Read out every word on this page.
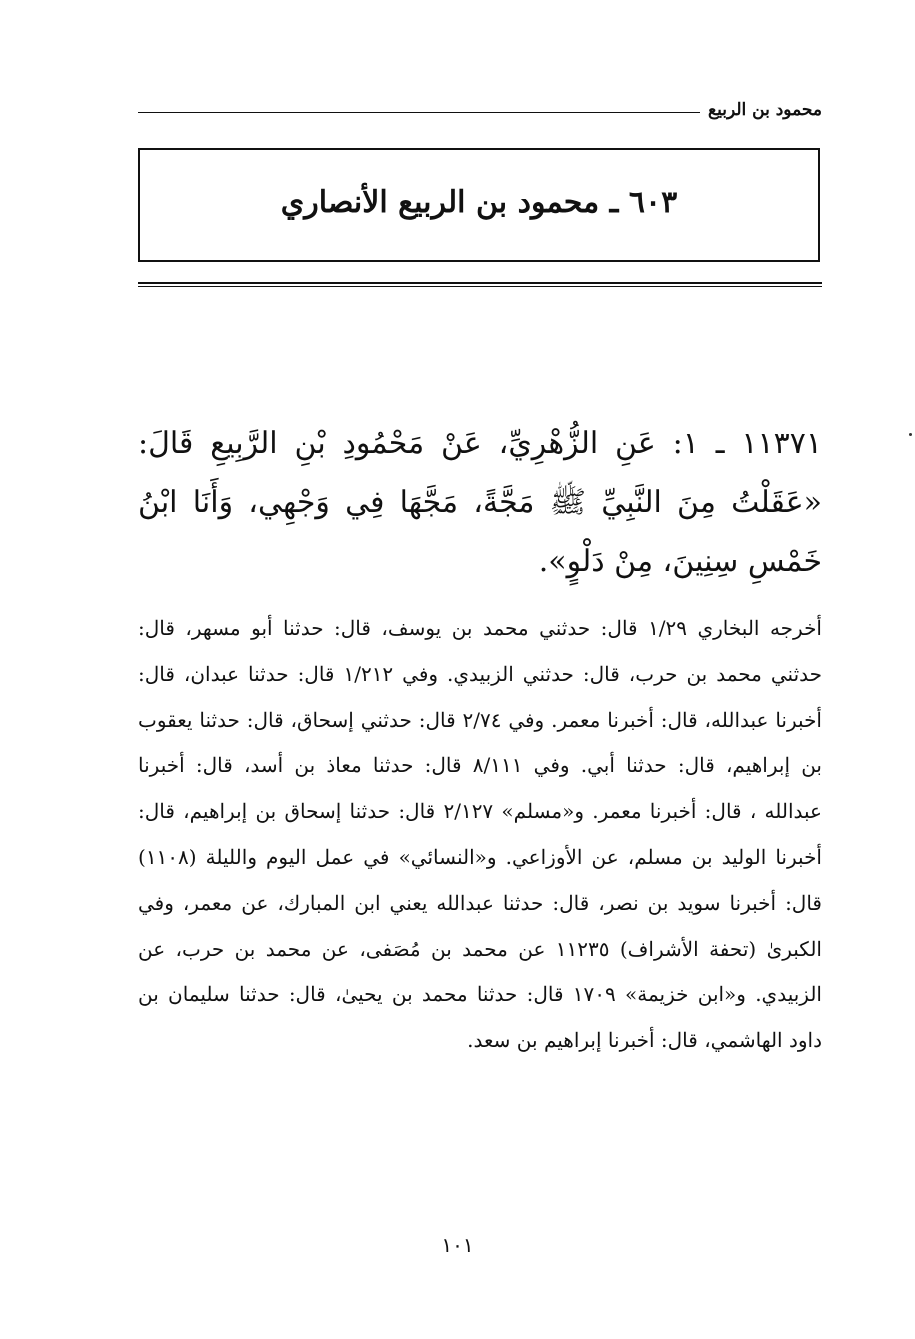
محمود بن الربيع
٦٠٣ ـ محمود بن الربيع الأنصاري
١١٣٧١ ـ ١: عَنِ الزُّهْرِيِّ، عَنْ مَحْمُودِ بْنِ الرَّبِيعِ قَالَ: «عَقَلْتُ مِنَ النَّبِيِّ ﷺ مَجَّةً، مَجَّهَا فِي وَجْهِي، وَأَنَا ابْنُ خَمْسِ سِنِينَ، مِنْ دَلْوٍ».
أخرجه البخاري ١/٢٩ قال: حدثني محمد بن يوسف، قال: حدثنا أبو مسهر، قال: حدثني محمد بن حرب، قال: حدثني الزبيدي. وفي ١/٢١٢ قال: حدثنا عبدان، قال: أخبرنا عبدالله، قال: أخبرنا معمر. وفي ٢/٧٤ قال: حدثني إسحاق، قال: حدثنا يعقوب بن إبراهيم، قال: حدثنا أبي. وفي ٨/١١١ قال: حدثنا معاذ بن أسد، قال: أخبرنا عبدالله ، قال: أخبرنا معمر. و«مسلم» ٢/١٢٧ قال: حدثنا إسحاق بن إبراهيم، قال: أخبرنا الوليد بن مسلم، عن الأوزاعي. و«النسائي» في عمل اليوم والليلة (١١٠٨) قال: أخبرنا سويد بن نصر، قال: حدثنا عبدالله يعني ابن المبارك، عن معمر، وفي الكبرىٰ (تحفة الأشراف) ١١٢٣٥ عن محمد بن مُصَفى، عن محمد بن حرب، عن الزبيدي. و«ابن خزيمة» ١٧٠٩ قال: حدثنا محمد بن يحيىٰ، قال: حدثنا سليمان بن داود الهاشمي، قال: أخبرنا إبراهيم بن سعد.
١٠١
